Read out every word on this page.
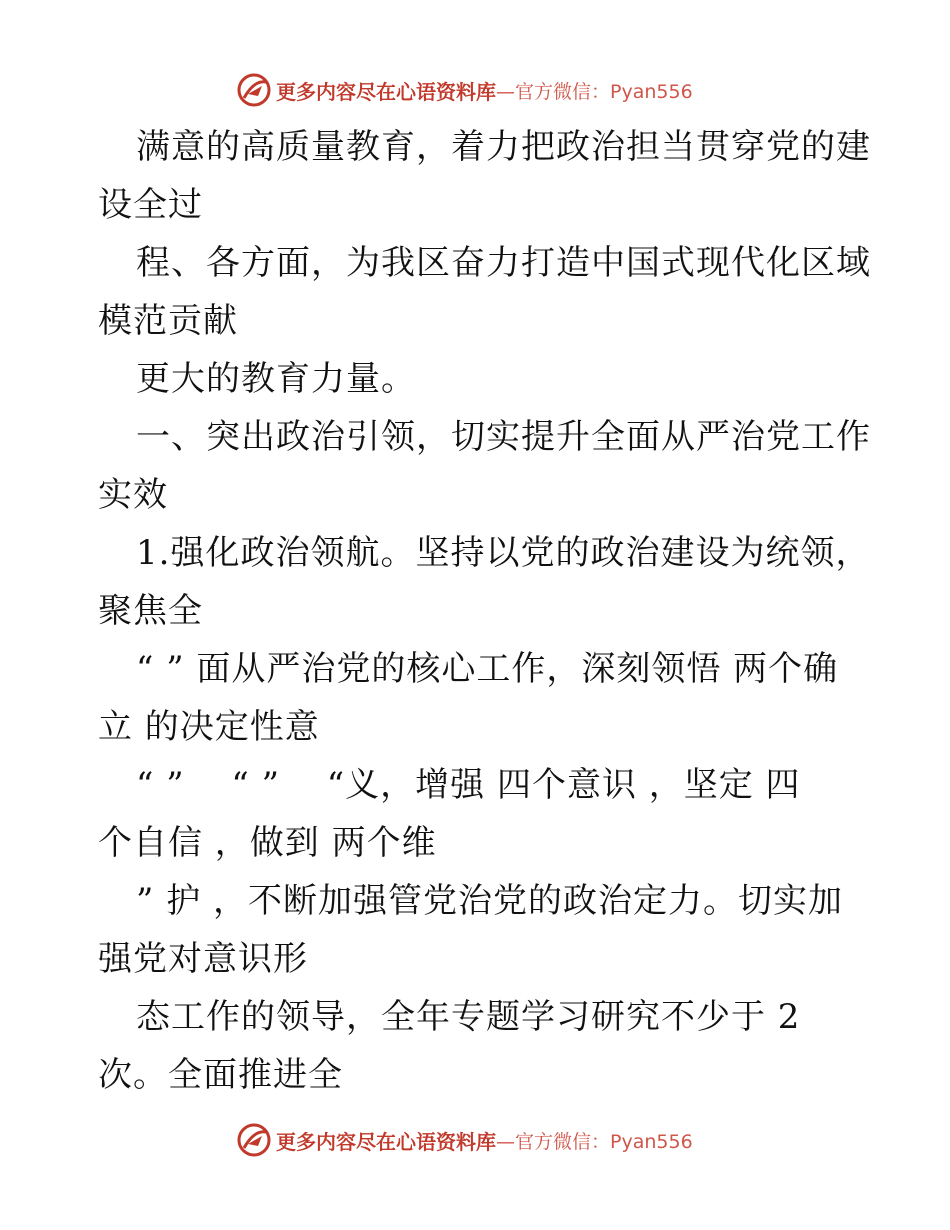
更多内容尽在心语资料库 —官方微信：Pyan556
满意的高质量教育，着力把政治担当贯穿党的建
设全过
程、各方面，为我区奋力打造中国式现代化区域
模范贡献
更大的教育力量。
一、突出政治引领，切实提升全面从严治党工作
实效
1.强化政治领航。坚持以党的政治建设为统领，
聚焦全
“ ” 面从严治党的核心工作，深刻领悟 两个确
立 的决定性意
“ ”　 “ ”　 “义，增强 四个意识 ，坚定 四
个自信 ，做到 两个维
” 护 ，不断加强管党治党的政治定力。切实加
强党对意识形
态工作的领导，全年专题学习研究不少于 2
次。全面推进全
更多内容尽在心语资料库 —官方微信：Pyan556
